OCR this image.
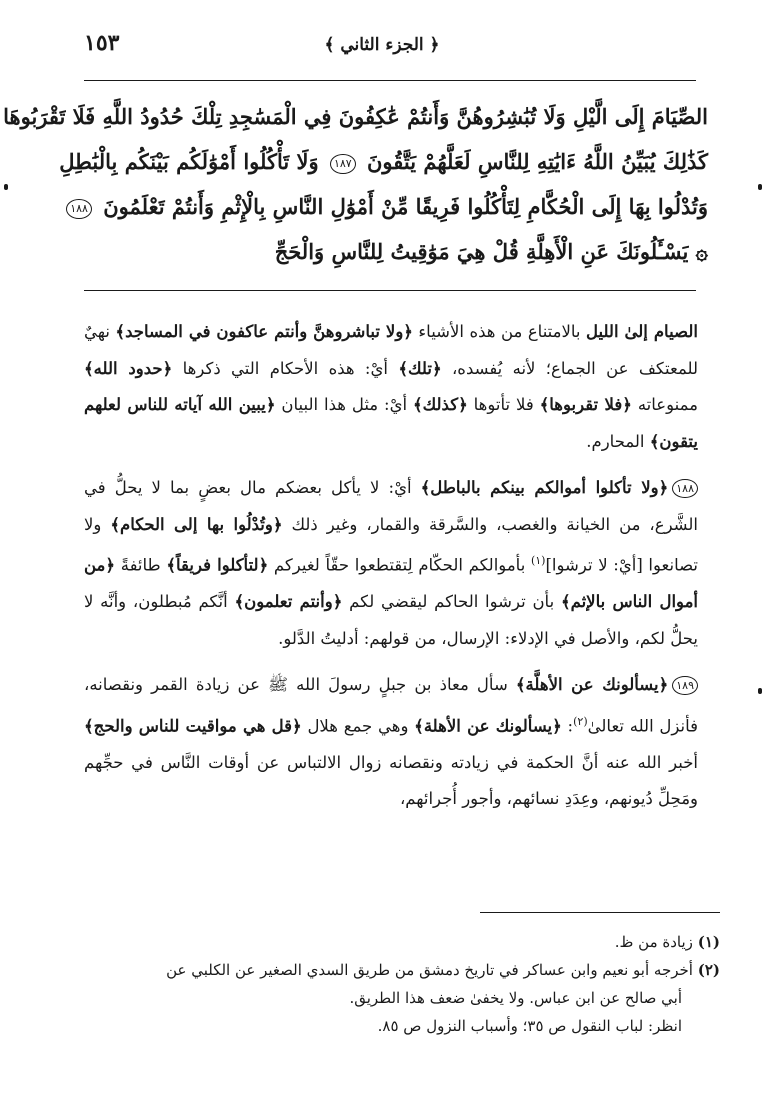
﴿ الجزء الثاني ﴾
١٥٣
الصِّيَامَ إِلَى الَّيْلِ وَلَا تُبَٰشِرُوهُنَّ وَأَنتُمْ عَٰكِفُونَ فِي الْمَسَٰجِدِ تِلْكَ حُدُودُ اللَّهِ فَلَا تَقْرَبُوهَا
كَذَٰلِكَ يُبَيِّنُ اللَّهُ ءَايَٰتِهِ لِلنَّاسِ لَعَلَّهُمْ يَتَّقُونَ ١٨٧ وَلَا تَأْكُلُوا أَمْوَٰلَكُم بَيْنَكُم بِالْبَٰطِلِ
وَتُدْلُوا بِهَا إِلَى الْحُكَّامِ لِتَأْكُلُوا فَرِيقًا مِّنْ أَمْوَٰلِ النَّاسِ بِالْإِثْمِ وَأَنتُمْ تَعْلَمُونَ ١٨٨
۞ يَسْـَٔلُونَكَ عَنِ الْأَهِلَّةِ قُلْ هِيَ مَوَٰقِيتُ لِلنَّاسِ وَالْحَجِّ

الصيام إلىٰ الليل بالامتناع من هذه الأشياء ﴿ولا تباشروهنَّ وأنتم عاكفون في المساجد﴾ نهيٌ للمعتكف عن الجماع؛ لأنه يُفسده، ﴿تلك﴾ أيْ: هذه الأحكام التي ذكرها ﴿حدود الله﴾ ممنوعاته ﴿فلا تقربوها﴾ فلا تأتوها ﴿كذلك﴾ أيْ: مثل هذا البيان ﴿يبين الله آياته للناس لعلهم يتقون﴾ المحارم.

١٨٨﴿ولا تأكلوا أموالكم بينكم بالباطل﴾ أيْ: لا يأكل بعضكم مال بعضٍ بما لا يحلُّ في الشَّرع، من الخيانة والغصب، والسَّرقة والقمار، وغير ذلك ﴿وتُدْلُوا بها إلى الحكام﴾ ولا تصانعوا [أيْ: لا ترشوا]$^{(١)}$ بأموالكم الحكّام لِتقتطعوا حقّاً لغيركم ﴿لتأكلوا فريقاً﴾ طائفةً ﴿من أموال الناس بالإثم﴾ بأن ترشوا الحاكم ليقضي لكم ﴿وأنتم تعلمون﴾ أنَّكم مُبطلون، وأنَّه لا يحلُّ لكم، والأصل في الإدلاء: الإرسال، من قولهم: أدليتُ الدَّلو.

١٨٩﴿يسألونك عن الأهلَّة﴾ سأل معاذ بن جبلٍ رسولَ الله ﷺ عن زيادة القمر ونقصانه، فأنزل الله تعالىٰ$^{(٢)}$: ﴿يسألونك عن الأهلة﴾ وهي جمع هلال ﴿قل هي مواقيت للناس والحج﴾ أخبر الله عنه أنَّ الحكمة في زيادته ونقصانه زوال الالتباس عن أوقات النَّاس في حجِّهم ومَحِلِّ دُيونهم، وعِدَدِ نسائهم، وأجور أُجرائهم،

(١) زيادة من ظ.
(٢) أخرجه أبو نعيم وابن عساكر في تاريخ دمشق من طريق السدي الصغير عن الكلبي عن
أبي صالح عن ابن عباس. ولا يخفىٰ ضعف هذا الطريق.
انظر: لباب النقول ص ٣٥؛ وأسباب النزول ص ٨٥.
